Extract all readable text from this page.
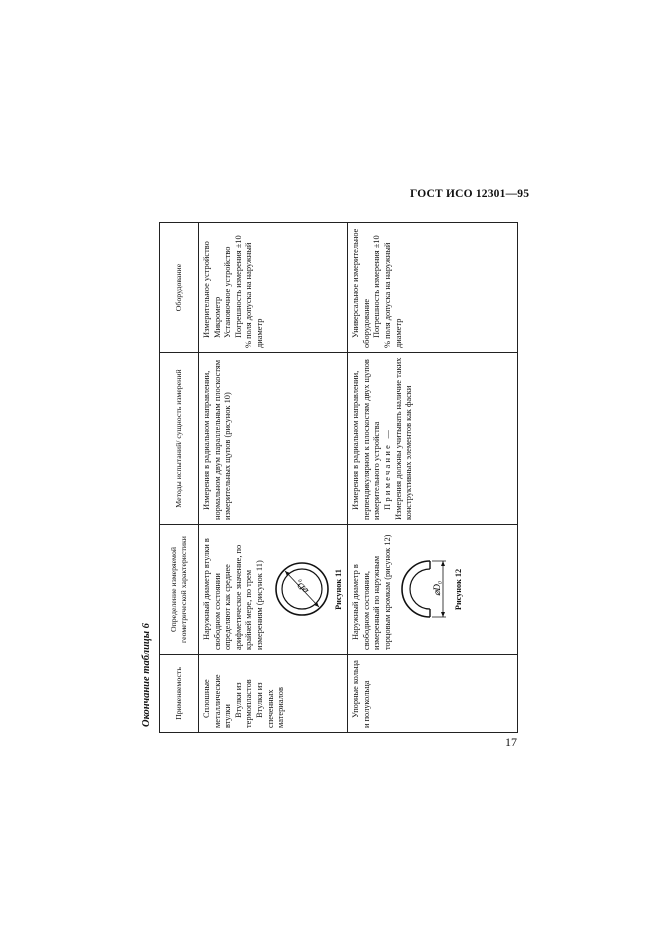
ГОСТ ИСО 12301—95
Окончание таблицы 6	Применяемость	Определение измеряемой геометрической характеристики	Методы испытаний/ сущность измерений	Оборудование

Сплошные металлические втулки Втулки из термопластов Втулки из спеченных материалов	Наружный диаметр втулки в свободном состоянии определяют как среднее арифметическое значение, по крайней мере, по трем измерениям (рисунок 11) ⌀D₀ Рисунок 11	Измерения в радиальном направлении, нормальном двум параллельным плоскостям измерительных щупов (рисунок 10)	Измерительное устройство Микрометр Установочное устройство Погрешность измерения ±10 % поля допуска на наружный диаметр

Упорные кольца и полукольца	Наружный диаметр в свободном состоянии, измеренный по наружным торцовым кромкам (рисунок 12) ⌀D₀ Рисунок 12	Измерения в радиальном направлении, перпендикулярном к плоскостям двух щупов измерительного устройства Примечание — Измерения должны учитывать наличие таких конструктивных элементов как фаски	Универсальное измерительное оборудование Погрешность измерения ±10 % поля допуска на наружный диаметр
17
